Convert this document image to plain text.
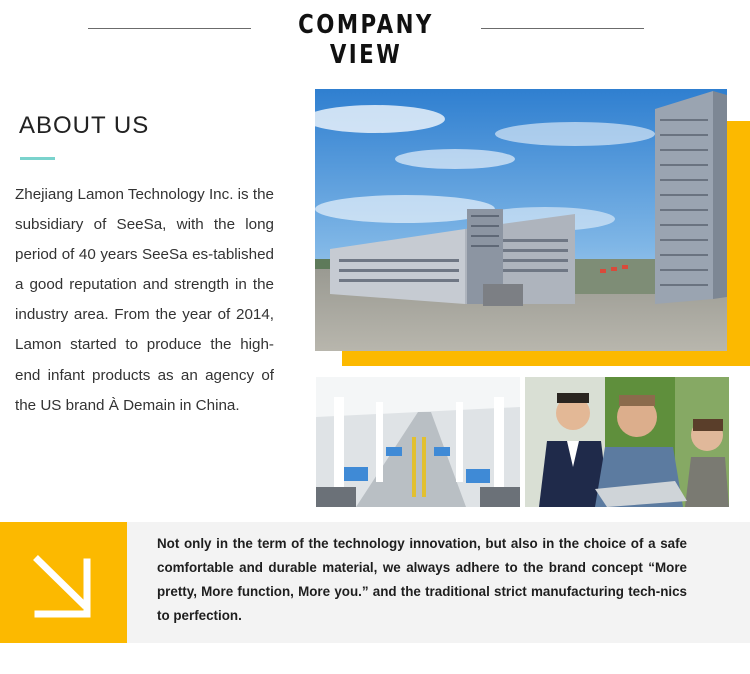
COMPANY VIEW
ABOUT US
Zhejiang Lamon Technology Inc. is the subsidiary of SeeSa, with the long period of 40 years SeeSa es-tablished a good reputation and strength in the industry area. From the year of 2014, Lamon started to produce the high-end infant products as an agency of the US brand À Demain in China.
Not only in the term of the technology innovation, but also in the choice of a safe comfortable and durable material, we always adhere to the brand concept “More pretty, More function, More you.” and the traditional strict manufacturing tech-nics to perfection.
